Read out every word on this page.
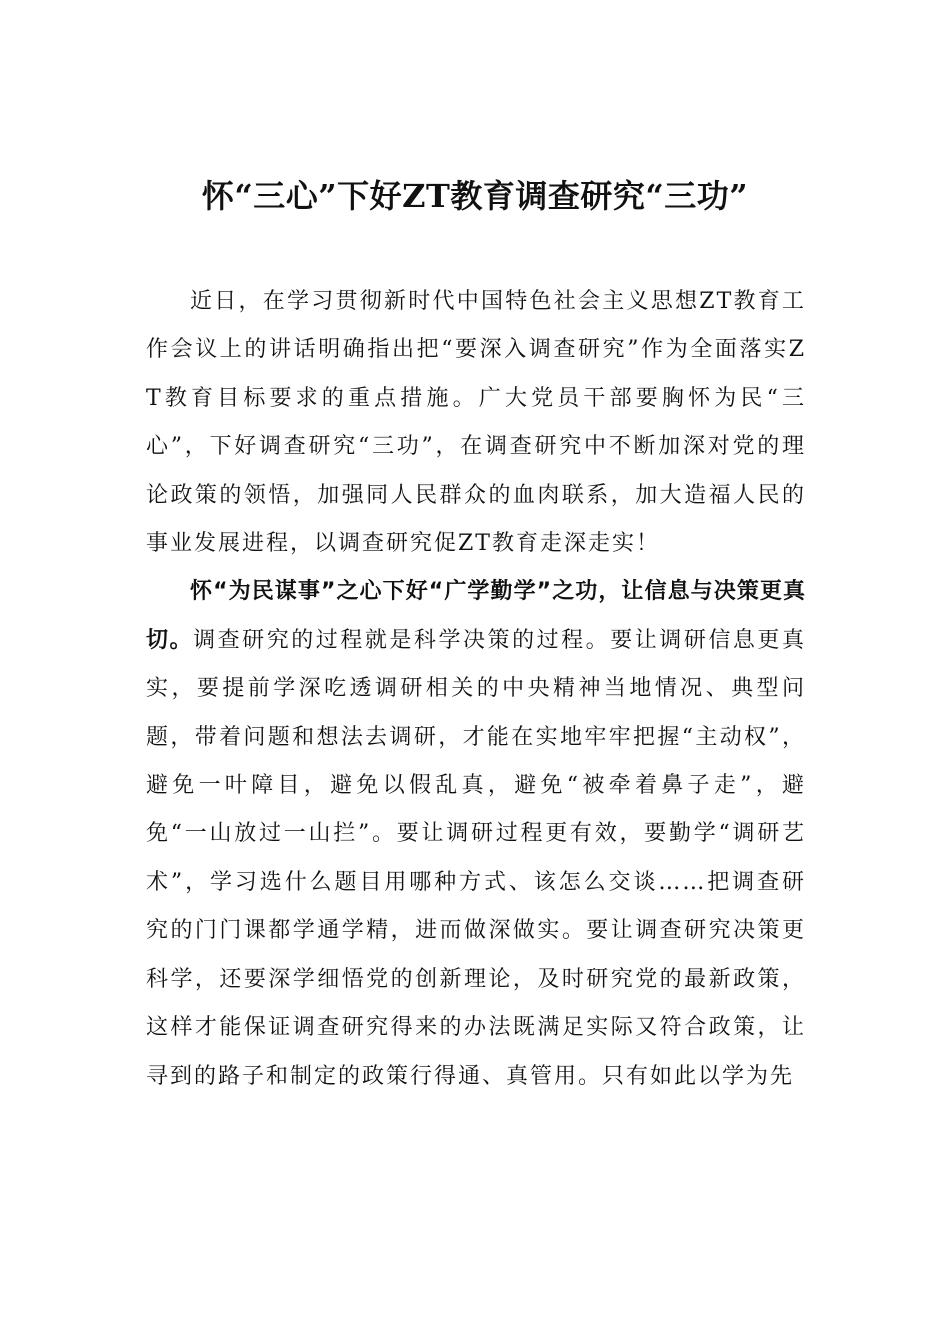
怀“三心”下好ZT教育调查研究“三功”

近日，在学习贯彻新时代中国特色社会主义思想ZT教育工作会议上的讲话明确指出把“要深入调查研究”作为全面落实ZT教育目标要求的重点措施。广大党员干部要胸怀为民“三心”，下好调查研究“三功”，在调查研究中不断加深对党的理论政策的领悟，加强同人民群众的血肉联系，加大造福人民的事业发展进程，以调查研究促ZT教育走深走实！

怀“为民谋事”之心下好“广学勤学”之功，让信息与决策更真切。调查研究的过程就是科学决策的过程。要让调研信息更真实，要提前学深吃透调研相关的中央精神当地情况、典型问题，带着问题和想法去调研，才能在实地牢牢把握“主动权”，避免一叶障目，避免以假乱真，避免“被牵着鼻子走”，避免“一山放过一山拦”。要让调研过程更有效，要勤学“调研艺术”，学习选什么题目用哪种方式、该怎么交谈……把调查研究的门门课都学通学精，进而做深做实。要让调查研究决策更科学，还要深学细悟党的创新理论，及时研究党的最新政策，这样才能保证调查研究得来的办法既满足实际又符合政策，让寻到的路子和制定的政策行得通、真管用。只有如此以学为先
